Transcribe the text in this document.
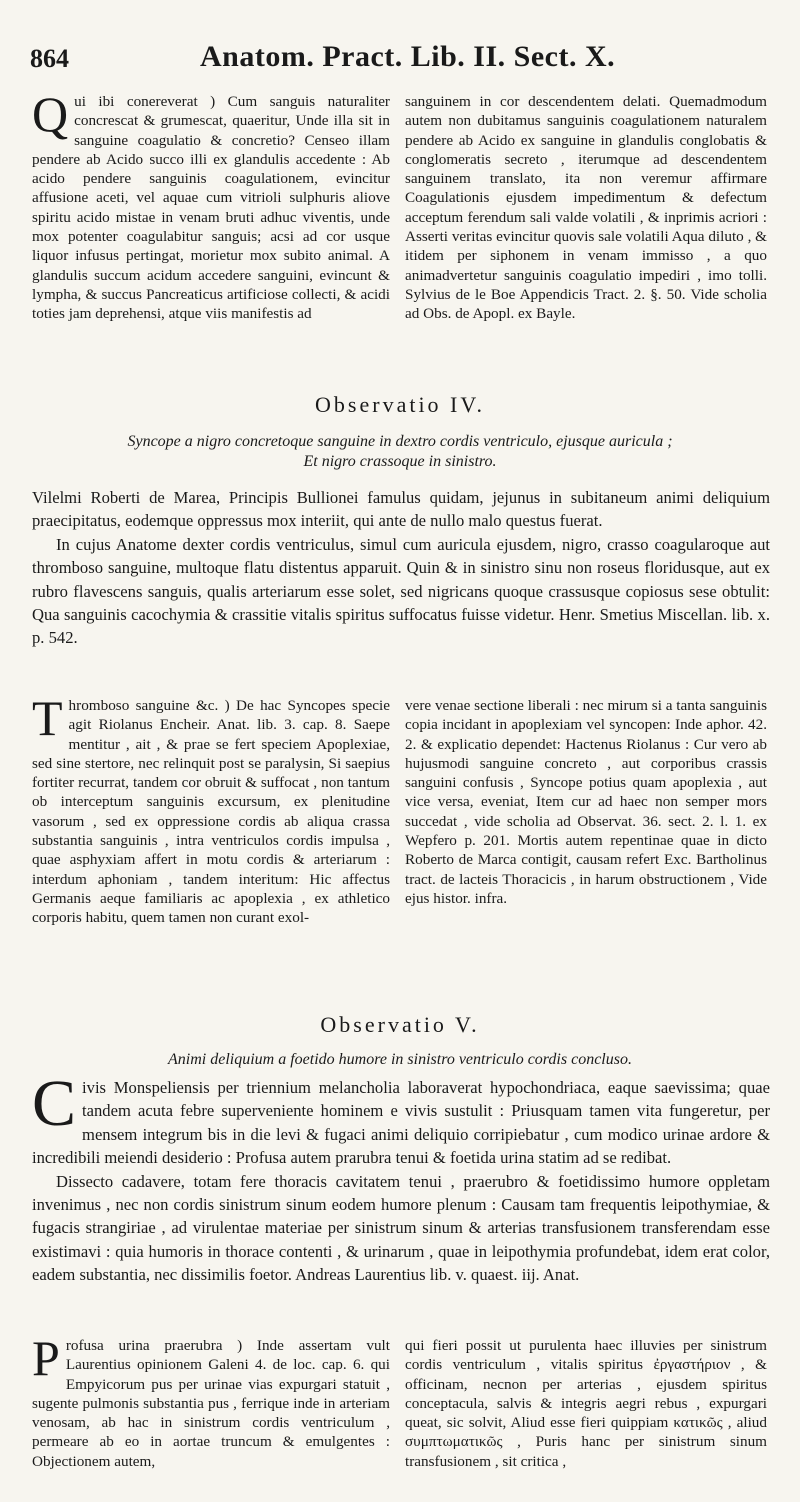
864	Anatom. Pract. Lib. II. Sect. X.

Qui ibi conereverat ) Cum sanguis naturaliter concrescat & grumescat, quaeritur, Unde illa sit in sanguine coagulatio & concretio? Censeo illam pendere ab Acido succo illi ex glandulis accedente : Ab acido pendere sanguinis coagulationem, evincitur affusione aceti, vel aquae cum vitrioli sulphuris aliove spiritu acido mistae in venam bruti adhuc viventis, unde mox potenter coagulabitur sanguis; acsi ad cor usque liquor infusus pertingat, morietur mox subito animal. A glandulis succum acidum accedere sanguini, evincunt & lympha, & succus Pancreaticus artificiose collecti, & acidi toties jam deprehensi, atque viis manifestis ad

sanguinem in cor descendentem delati. Quemadmodum autem non dubitamus sanguinis coagulationem naturalem pendere ab Acido ex sanguine in glandulis conglobatis & conglomeratis secreto , iterumque ad descendentem sanguinem translato, ita non veremur affirmare Coagulationis ejusdem impedimentum & defectum acceptum ferendum sali valde volatili , & inprimis acriori : Asserti veritas evincitur quovis sale volatili Aqua diluto , & itidem per siphonem in venam immisso , a quo animadvertetur sanguinis coagulatio impediri , imo tolli. Sylvius de le Boe Appendicis Tract. 2. §. 50. Vide scholia ad Obs. de Apopl. ex Bayle.

Observatio IV.
Syncope a nigro concretoque sanguine in dextro cordis ventriculo, ejusque auricula ;
Et nigro crassoque in sinistro.

Vilelmi Roberti de Marea, Principis Bullionei famulus quidam, jejunus in subitaneum animi deliquium praecipitatus, eodemque oppressus mox interiit, qui ante de nullo malo questus fuerat.

In cujus Anatome dexter cordis ventriculus, simul cum auricula ejusdem, nigro, crasso coagularoque aut thromboso sanguine, multoque flatu distentus apparuit. Quin & in sinistro sinu non roseus floridusque, aut ex rubro flavescens sanguis, qualis arteriarum esse solet, sed nigricans quoque crassusque copiosus sese obtulit: Qua sanguinis cacochymia & crassitie vitalis spiritus suffocatus fuisse videtur. Henr. Smetius Miscellan. lib. x. p. 542.

Thromboso sanguine &c. ) De hac Syncopes specie agit Riolanus Encheir. Anat. lib. 3. cap. 8. Saepe mentitur , ait , & prae se fert speciem Apoplexiae, sed sine stertore, nec relinquit post se paralysin, Si saepius fortiter recurrat, tandem cor obruit & suffocat , non tantum ob interceptum sanguinis excursum, ex plenitudine vasorum , sed ex oppressione cordis ab aliqua crassa substantia sanguinis , intra ventriculos cordis impulsa , quae asphyxiam affert in motu cordis & arteriarum : interdum aphoniam , tandem interitum: Hic affectus Germanis aeque familiaris ac apoplexia , ex athletico corporis habitu, quem tamen non curant exol-

vere venae sectione liberali : nec mirum si a tanta sanguinis copia incidant in apoplexiam vel syncopen: Inde aphor. 42. 2. & explicatio dependet: Hactenus Riolanus : Cur vero ab hujusmodi sanguine concreto , aut corporibus crassis sanguini confusis , Syncope potius quam apoplexia , aut vice versa, eveniat, Item cur ad haec non semper mors succedat , vide scholia ad Observat. 36. sect. 2. l. 1. ex Wepfero p. 201. Mortis autem repentinae quae in dicto Roberto de Marca contigit, causam refert Exc. Bartholinus tract. de lacteis Thoracicis , in harum obstructionem , Vide ejus histor. infra.

Observatio V.
Animi deliquium a foetido humore in sinistro ventriculo cordis concluso.

Civis Monspeliensis per triennium melancholia laboraverat hypochondriaca, eaque saevissima; quae tandem acuta febre superveniente hominem e vivis sustulit : Priusquam tamen vita fungeretur, per mensem integrum bis in die levi & fugaci animi deliquio corripiebatur , cum modico urinae ardore & incredibili meiendi desiderio : Profusa autem prarubra tenui & foetida urina statim ad se redibat.

Dissecto cadavere, totam fere thoracis cavitatem tenui , praerubro & foetidissimo humore oppletam invenimus , nec non cordis sinistrum sinum eodem humore plenum : Causam tam frequentis leipothymiae, & fugacis strangiriae , ad virulentae materiae per sinistrum sinum & arterias transfusionem transferendam esse existimavi : quia humoris in thorace contenti , & urinarum , quae in leipothymia profundebat, idem erat color, eadem substantia, nec dissimilis foetor. Andreas Laurentius lib. v. quaest. iij. Anat.

Profusa urina praerubra ) Inde assertam vult Laurentius opinionem Galeni 4. de loc. cap. 6. qui Empyicorum pus per urinae vias expurgari statuit , sugente pulmonis substantia pus , ferrique inde in arteriam venosam, ab hac in sinistrum cordis ventriculum , permeare ab eo in aortae truncum & emulgentes : Objectionem autem,

qui fieri possit ut purulenta haec illuvies per sinistrum cordis ventriculum , vitalis spiritus ἐργαστήριον , & officinam, necnon per arterias , ejusdem spiritus conceptacula, salvis & integris aegri rebus , expurgari queat, sic solvit, Aliud esse fieri quippiam κατικῶς , aliud συμπτωματικῶς , Puris hanc per sinistrum sinum transfusionem , sit critica ,
